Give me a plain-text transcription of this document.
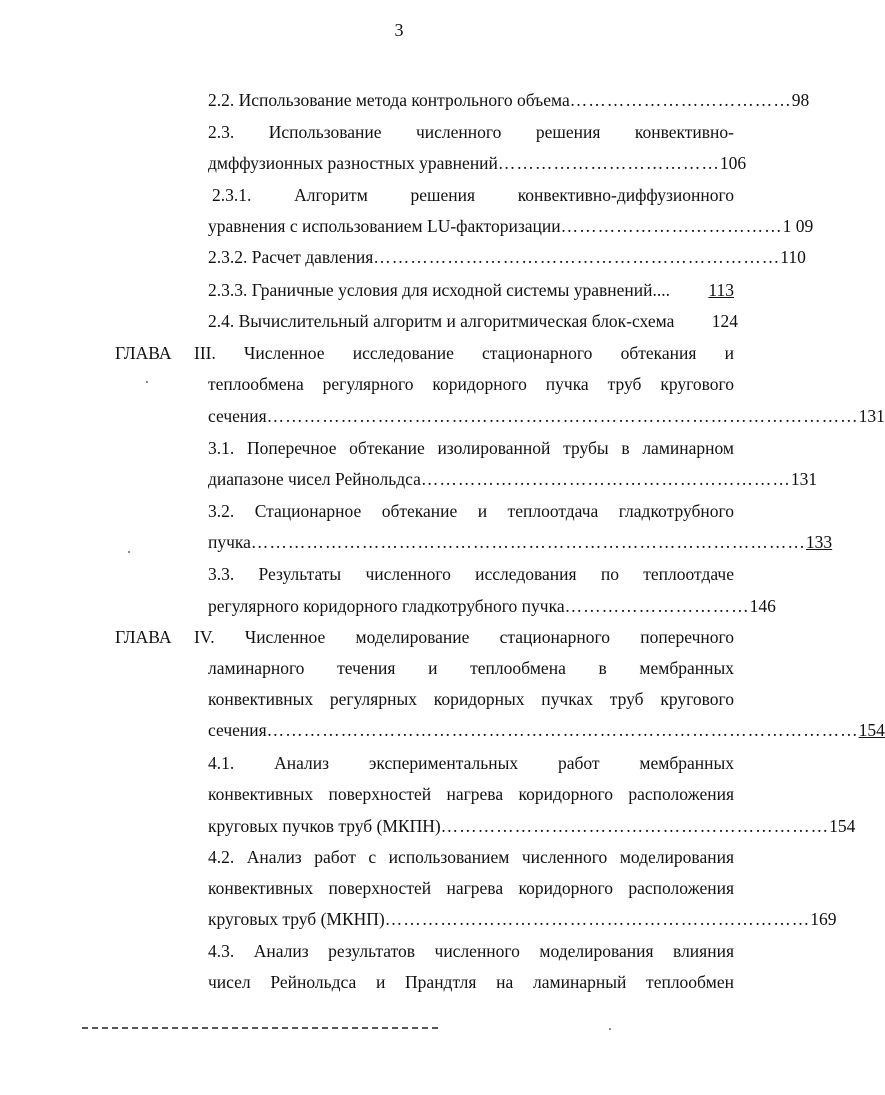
3
2.2. Использование метода контрольного объема ……………………………… 98
2.3. Использование численного решения конвективно-
дмффузионных разностных уравнений ……………………………… 106
2.3.1. Алгоритм решения конвективно-диффузионного
уравнения с использованием LU-факторизации ……………………………… 1 09
2.3.2. Расчет давления ………………………………………………………… 110
2.3.3. Граничные условия для исходной системы уравнений.... 113
2.4. Вычислительный алгоритм и алгоритмическая блок-схема 124
ГЛАВА III. Численное исследование стационарного обтекания и
теплообмена регулярного коридорного пучка труб кругового
сечения …………………………………………………………………………………… 131
3.1. Поперечное обтекание изолированной трубы в ламинарном
диапазоне чисел Рейнольдса …………………………………………………… 131
3.2. Стационарное обтекание и теплоотдача гладкотрубного
пучка ……………………………………………………………………………… 133
3.3. Результаты численного исследования по теплоотдаче
регулярного коридорного гладкотрубного пучка ………………………… 146
ГЛАВА IV. Численное моделирование стационарного поперечного
ламинарного течения и теплообмена в мембранных
конвективных регулярных коридорных пучках труб кругового
сечения …………………………………………………………………………………… 154
4.1. Анализ экспериментальных работ мембранных
конвективных поверхностей нагрева коридорного расположения
круговых пучков труб (МКПН) ……………………………………………………… 154
4.2. Анализ работ с использованием численного моделирования
конвективных поверхностей нагрева коридорного расположения
круговых труб (МКНП) …………………………………………………………… 169
4.3. Анализ результатов численного моделирования влияния
чисел Рейнольдса и Прандтля на ламинарный теплообмен
